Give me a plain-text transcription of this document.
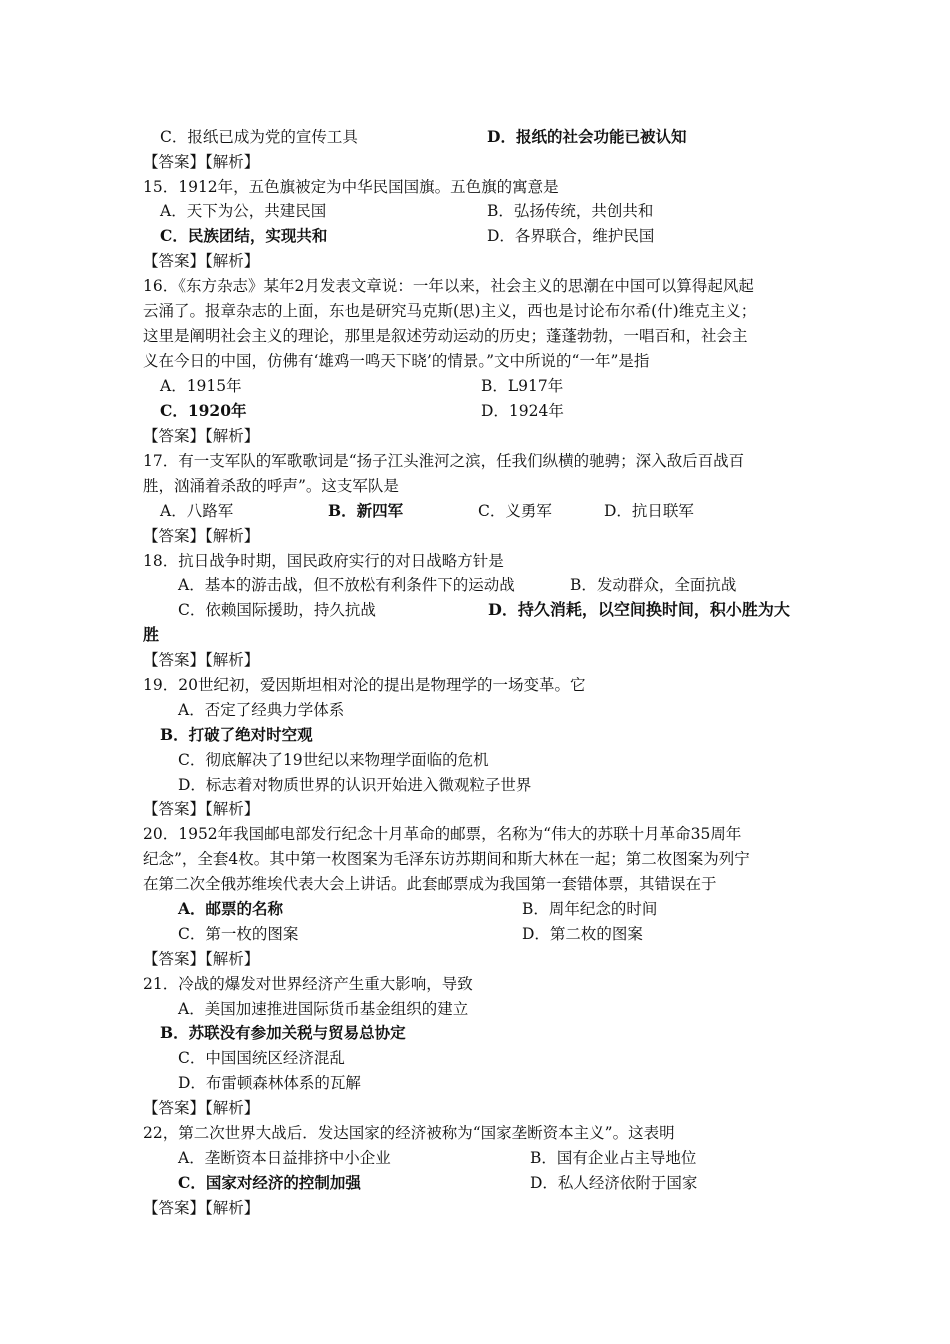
C．报纸已成为党的宣传工具	D．报纸的社会功能已被认知
【答案】【解析】
15．1912年，五色旗被定为中华民国国旗。五色旗的寓意是
A．天下为公，共建民国	B．弘扬传统，共创共和
C．民族团结，实现共和	D．各界联合，维护民国
【答案】【解析】
16．《东方杂志》某年2月发表文章说：一年以来，社会主义的思潮在中国可以算得起风起
云涌了。报章杂志的上面，东也是研究马克斯(思)主义，西也是讨论布尔希(什)维克主义；
这里是阐明社会主义的理论，那里是叙述劳动运动的历史；蓬蓬勃勃，一唱百和，社会主
义在今日的中国，仿佛有‘雄鸡一鸣天下晓’的情景。”文中所说的“一年”是指
A．1915年	B．L917年
C．1920年	D．1924年
【答案】【解析】
17．有一支军队的军歌歌词是“扬子江头淮河之滨，任我们纵横的驰骋；深入敌后百战百
胜，汹涌着杀敌的呼声”。这支军队是
A．八路军	B．新四军	C．义勇军	D．抗日联军
【答案】【解析】
18．抗日战争时期，国民政府实行的对日战略方针是
A．基本的游击战，但不放松有利条件下的运动战	B．发动群众，全面抗战
C．依赖国际援助，持久抗战	D．持久消耗，以空间换时间，积小胜为大
胜
【答案】【解析】
19．20世纪初，爱因斯坦相对沦的提出是物理学的一场变革。它
A．否定了经典力学体系
B．打破了绝对时空观
C．彻底解决了19世纪以来物理学面临的危机
D．标志着对物质世界的认识开始进入微观粒子世界
【答案】【解析】
20．1952年我国邮电部发行纪念十月革命的邮票，名称为“伟大的苏联十月革命35周年
纪念”，全套4枚。其中第一枚图案为毛泽东访苏期间和斯大林在一起；第二枚图案为列宁
在第二次全俄苏维埃代表大会上讲话。此套邮票成为我国第一套错体票，其错误在于
A．邮票的名称	B．周年纪念的时间
C．第一枚的图案	D．第二枚的图案
【答案】【解析】
21．冷战的爆发对世界经济产生重大影响，导致
A．美国加速推进国际货币基金组织的建立
B．苏联没有参加关税与贸易总协定
C．中国国统区经济混乱
D．布雷顿森林体系的瓦解
【答案】【解析】
22，第二次世界大战后．发达国家的经济被称为“国家垄断资本主义”。这表明
A．垄断资本日益排挤中小企业	B．国有企业占主导地位
C．国家对经济的控制加强	D．私人经济依附于国家
【答案】【解析】
